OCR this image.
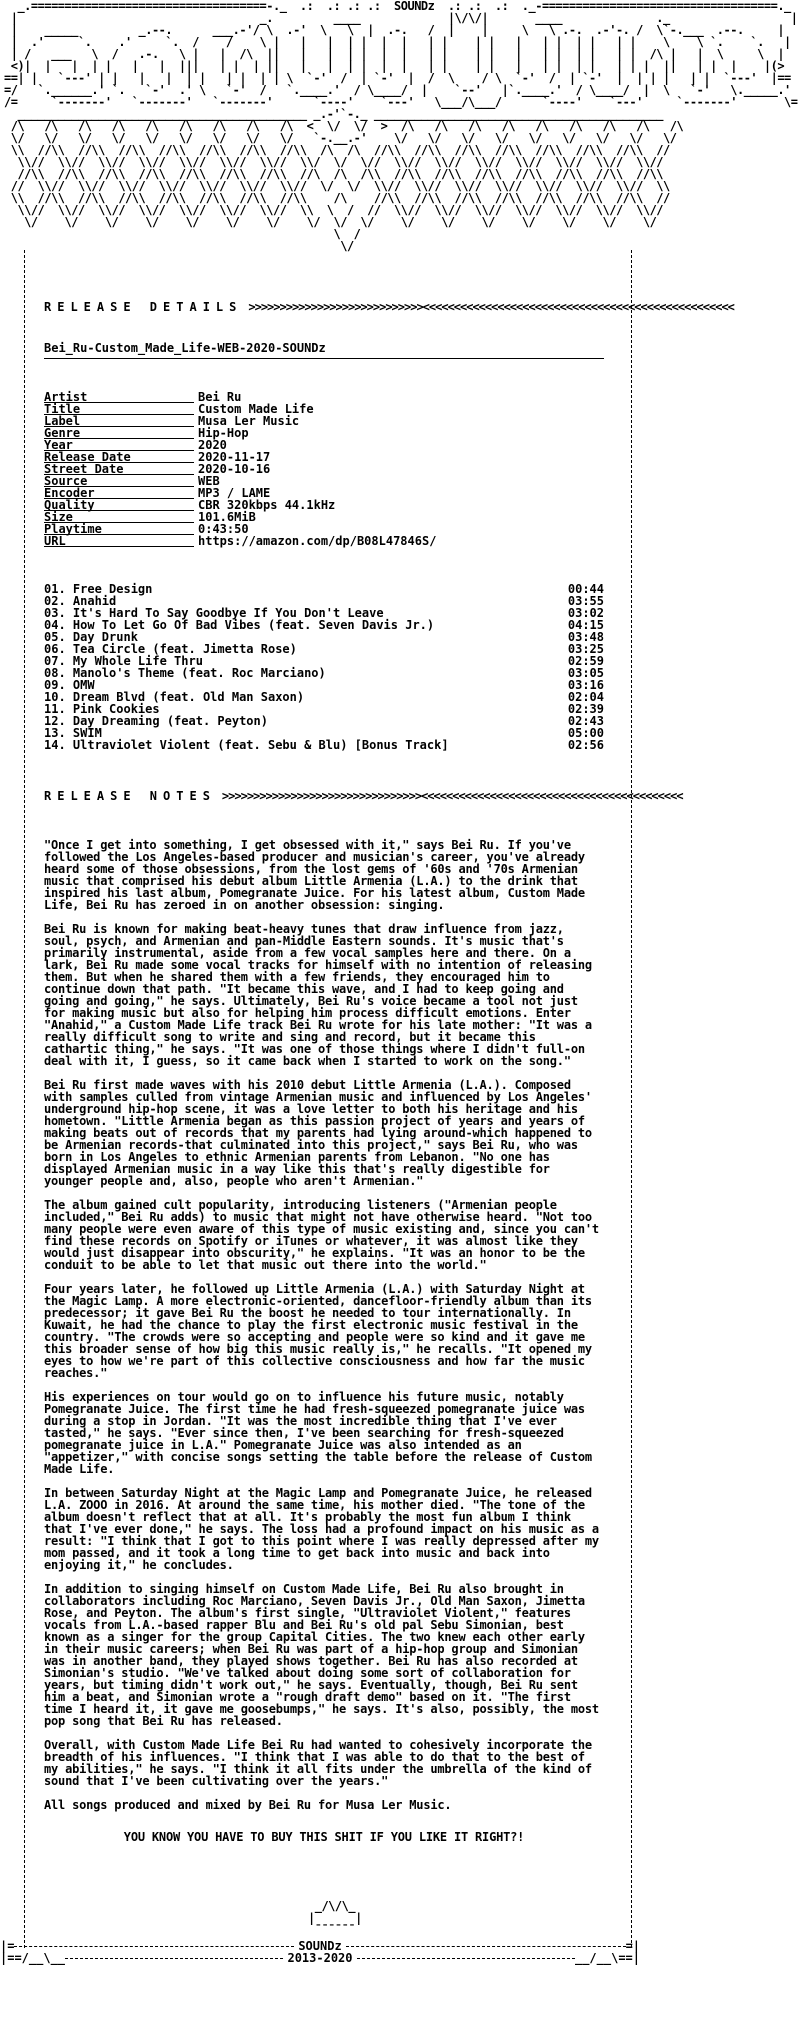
_.===================================-._  .:  .: .: .:  SOUNDz  .: .:  .:  ._-===================================._
|                                    _.         ____             |\/\/|       ____              ._                  |
|    _____         _.--.      ___.-'/ \  .-'  \   \  |  .-.   /  |    |     \   \ .-.  .-'-. /  \`-.___  .--.     |
|  .'     `.    .'     `.  /    /    \ |   |   |  | |  |  |   | |    | |   |   | |  | |   | |    \    \ `.    `.   |
| /   ___   \  /   .-.   \ |   |  /\  ||   |   |  | |  |  |   | |    | |   |   | |  | |   | |  /\ |   |  \     \  |
<)|  |   |  | |   |   |  |||   | |  | ||   |   |  | |  |  |   | |    | |   |   | |  | |   | | |  ||   | |  |    |(>
==| |   `---' | |   |   |  | |   | |  | | \  `-'  /  | `-'  |  /  \    / \  `-'  /  | `-'  |  | | |   | |  `---'  |==
=/   `.______.' `.   `-'  .' \   `-'  /   `.____.'  / \____/  |    `--'   |`.____.'  / \____/  |  \   `-'   \._____.'
/=     `-------'   `-------'   `-------'      `----'    `---'   \___/\___/      `----'    `---'     `-------'       \=
___________________________________________ _.-'`-._ ___________________________________________
/\   /\   /\   /\   /\   /\   /\   /\   /\  <  \/  \/  >  /\   /\   /\   /\   /\   /\   /\   /\   /\
\/   \/   \/   \/   \/   \/   \/   \/   \/   `-.__.-'    \/   \/   \/   \/   \/   \/   \/   \/   \/
\\  //\\  //\\  //\\  //\\  //\\  //\\  //\\  /\  /\  //\\  //\\  //\\  //\\  //\\  //\\  //\\  //
\\//  \\//  \\//  \\//  \\//  \\//  \\//  \\/  \/  \//  \\//  \\//  \\//  \\//  \\//  \\//  \\//
//\\  //\\  //\\  //\\  //\\  //\\  //\\  //\  /\  /\\  //\\  //\\  //\\  //\\  //\\  //\\  //\\
//  \\//  \\//  \\//  \\//  \\//  \\//  \\//  \/  \/  \\//  \\//  \\//  \\//  \\//  \\//  \\//  \\
\\  //\\  //\\  //\\  //\\  //\\  //\\  //\\    /\    //\\  //\\  //\\  //\\  //\\  //\\  //\\  //
\\//  \\//  \\//  \\//  \\//  \\//  \\//  \\  \  /  //  \\//  \\//  \\//  \\//  \\//  \\//  \\//
\/    \/    \/    \/    \/    \/    \/    \/  \/  \/    \/    \/    \/    \/    \/    \/    \/
\  /
\/

RELEASE DETAILS >>>>>>>>>>>>>>>>>>>>>>>>>>>><<<<<<<<<<<<<<<<<<<<<<<<<<<<<<<<<<<<<<<<<<<<<<<<<<
Bei_Ru-Custom_Made_Life-WEB-2020-SOUNDz
Artist	Bei Ru
Title	Custom Made Life
Label	Musa Ler Music
Genre	Hip-Hop
Year	2020
Release Date	2020-11-17
Street Date	2020-10-16
Source	WEB
Encoder	MP3 / LAME
Quality	CBR 320kbps 44.1kHz
Size	101.6MiB
Playtime	0:43:50
URL	https://amazon.com/dp/B08L47846S/
01. Free Design	00:44
02. Anahid	03:55
03. It's Hard To Say Goodbye If You Don't Leave	03:02
04. How To Let Go Of Bad Vibes (feat. Seven Davis Jr.)	04:15
05. Day Drunk	03:48
06. Tea Circle (feat. Jimetta Rose)	03:25
07. My Whole Life Thru	02:59
08. Manolo's Theme (feat. Roc Marciano)	03:05
09. OMW	03:16
10. Dream Blvd (feat. Old Man Saxon)	02:04
11. Pink Cookies	02:39
12. Day Dreaming (feat. Peyton)	02:43
13. SWIM	05:00
14. Ultraviolet Violent (feat. Sebu & Blu) [Bonus Track]	02:56
RELEASE NOTES >>>>>>>>>>>>>>>>>>>>>>>>>>>>>>>><<<<<<<<<<<<<<<<<<<<<<<<<<<<<<<<<<<<<<<<<<

"Once I get into something, I get obsessed with it," says Bei Ru. If you've followed the Los Angeles-based producer and musician's career, you've already heard some of those obsessions, from the lost gems of '60s and '70s Armenian music that comprised his debut album Little Armenia (L.A.) to the drink that inspired his last album, Pomegranate Juice. For his latest album, Custom Made Life, Bei Ru has zeroed in on another obsession: singing.

Bei Ru is known for making beat-heavy tunes that draw influence from jazz, soul, psych, and Armenian and pan-Middle Eastern sounds. It's music that's primarily instrumental, aside from a few vocal samples here and there. On a lark, Bei Ru made some vocal tracks for himself with no intention of releasing them. But when he shared them with a few friends, they encouraged him to continue down that path. "It became this wave, and I had to keep going and going and going," he says. Ultimately, Bei Ru's voice became a tool not just for making music but also for helping him process difficult emotions. Enter "Anahid," a Custom Made Life track Bei Ru wrote for his late mother: "It was a really difficult song to write and sing and record, but it became this cathartic thing," he says. "It was one of those things where I didn't full-on deal with it, I guess, so it came back when I started to work on the song."

Bei Ru first made waves with his 2010 debut Little Armenia (L.A.). Composed with samples culled from vintage Armenian music and influenced by Los Angeles' underground hip-hop scene, it was a love letter to both his heritage and his hometown. "Little Armenia began as this passion project of years and years of making beats out of records that my parents had lying around-which happened to be Armenian records-that culminated into this project," says Bei Ru, who was born in Los Angeles to ethnic Armenian parents from Lebanon. "No one has displayed Armenian music in a way like this that's really digestible for younger people and, also, people who aren't Armenian."

The album gained cult popularity, introducing listeners ("Armenian people included," Bei Ru adds) to music that might not have otherwise heard. "Not too many people were even aware of this type of music existing and, since you can't find these records on Spotify or iTunes or whatever, it was almost like they would just disappear into obscurity," he explains. "It was an honor to be the conduit to be able to let that music out there into the world."

Four years later, he followed up Little Armenia (L.A.) with Saturday Night at the Magic Lamp. A more electronic-oriented, dancefloor-friendly album than its predecessor; it gave Bei Ru the boost he needed to tour internationally. In Kuwait, he had the chance to play the first electronic music festival in the country. "The crowds were so accepting and people were so kind and it gave me this broader sense of how big this music really is," he recalls. "It opened my eyes to how we're part of this collective consciousness and how far the music reaches."

His experiences on tour would go on to influence his future music, notably Pomegranate Juice. The first time he had fresh-squeezed pomegranate juice was during a stop in Jordan. "It was the most incredible thing that I've ever tasted," he says. "Ever since then, I've been searching for fresh-squeezed pomegranate juice in L.A." Pomegranate Juice was also intended as an "appetizer," with concise songs setting the table before the release of Custom Made Life.

In between Saturday Night at the Magic Lamp and Pomegranate Juice, he released L.A. ZOOO in 2016. At around the same time, his mother died. "The tone of the album doesn't reflect that at all. It's probably the most fun album I think that I've ever done," he says. The loss had a profound impact on his music as a result: "I think that I got to this point where I was really depressed after my mom passed, and it took a long time to get back into music and back into enjoying it," he concludes.

In addition to singing himself on Custom Made Life, Bei Ru also brought in collaborators including Roc Marciano, Seven Davis Jr., Old Man Saxon, Jimetta Rose, and Peyton. The album's first single, "Ultraviolet Violent," features vocals from L.A.-based rapper Blu and Bei Ru's old pal Sebu Simonian, best known as a singer for the group Capital Cities. The two knew each other early in their music careers; when Bei Ru was part of a hip-hop group and Simonian was in another band, they played shows together. Bei Ru has also recorded at Simonian's studio. "We've talked about doing some sort of collaboration for years, but timing didn't work out," he says. Eventually, though, Bei Ru sent him a beat, and Simonian wrote a "rough draft demo" based on it. "The first time I heard it, it gave me goosebumps," he says. It's also, possibly, the most pop song that Bei Ru has released.

Overall, with Custom Made Life Bei Ru had wanted to cohesively incorporate the breadth of his influences. "I think that I was able to do that to the best of my abilities," he says. "I think it all fits under the umbrella of the kind of sound that I've been cultivating over the years."

All songs produced and mixed by Bei Ru for Musa Ler Music.

YOU KNOW YOU HAVE TO BUY THIS SHIT IF YOU LIKE IT RIGHT?!
_/\/\_
|      |
¯¯¯¯¯¯
|=	SOUNDz	=|
|==/__\__	2013-2020	__/__\==|
